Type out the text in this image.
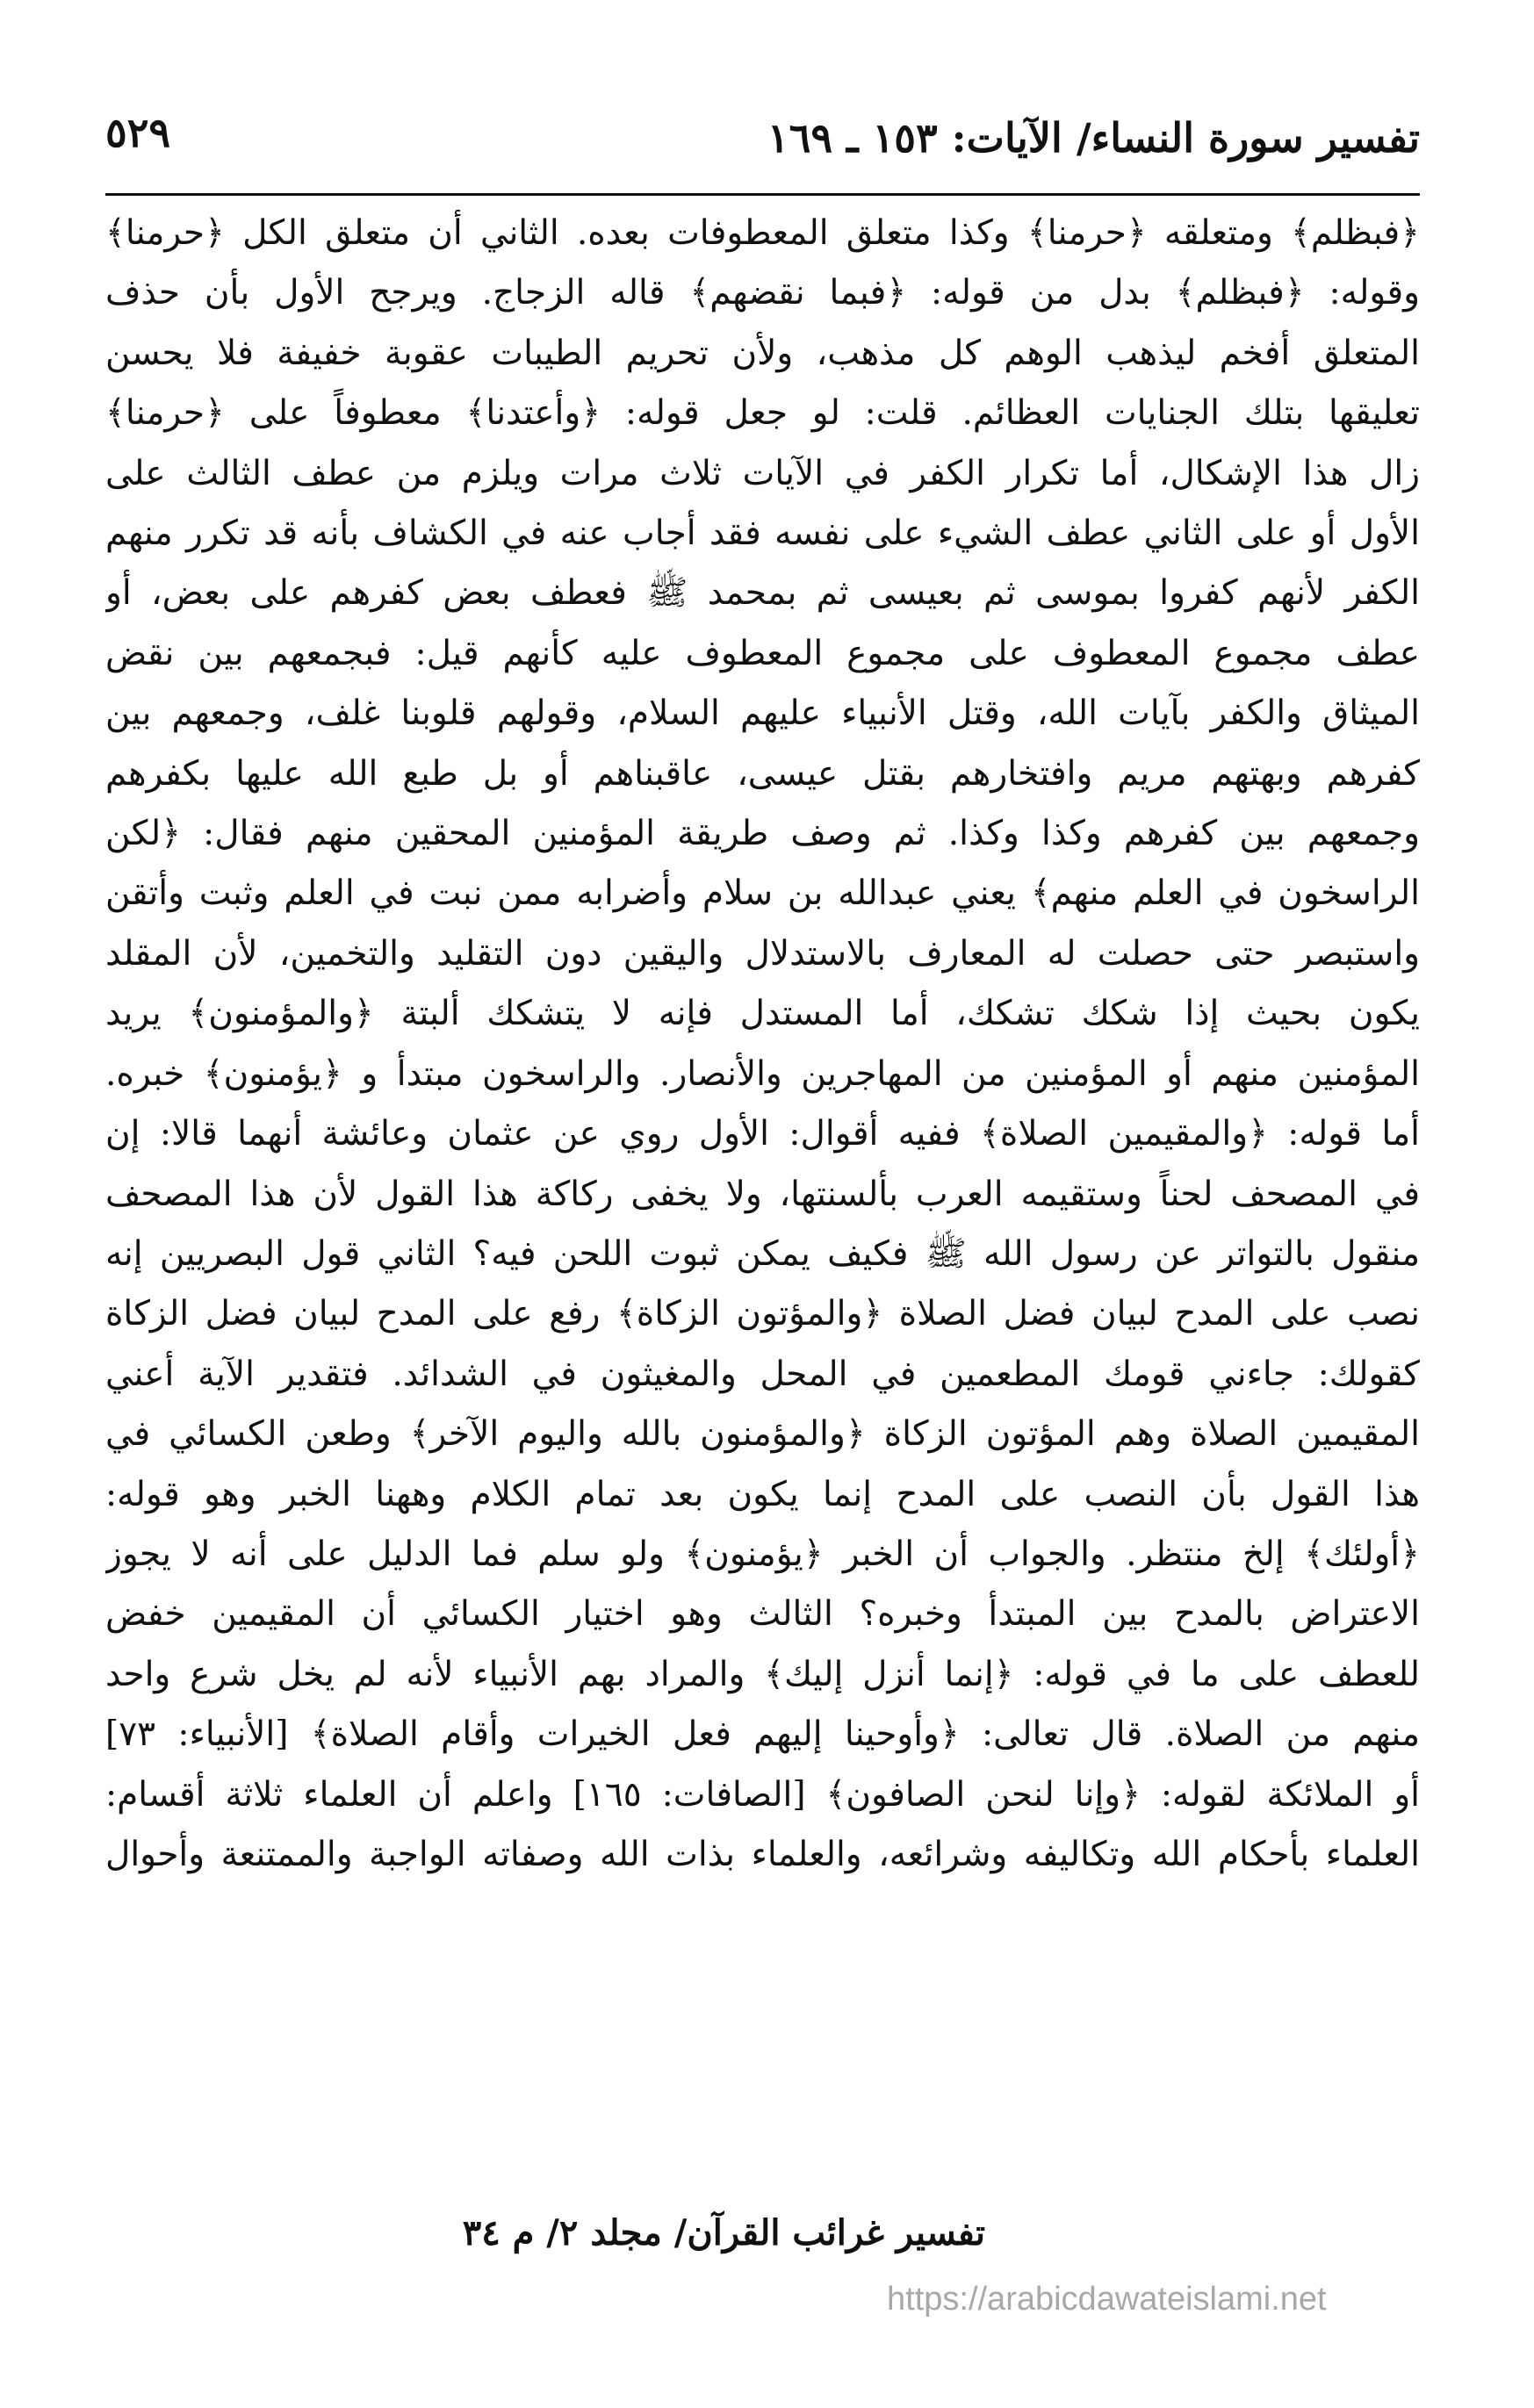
تفسير سورة النساء/ الآيات: ١٥٣ ـ ١٦٩
٥٢٩
﴿فبظلم﴾ ومتعلقه ﴿حرمنا﴾ وكذا متعلق المعطوفات بعده. الثاني أن متعلق الكل ﴿حرمنا﴾
وقوله: ﴿فبظلم﴾ بدل من قوله: ﴿فبما نقضهم﴾ قاله الزجاج. ويرجح الأول بأن حذف
المتعلق أفخم ليذهب الوهم كل مذهب، ولأن تحريم الطيبات عقوبة خفيفة فلا يحسن
تعليقها بتلك الجنايات العظائم. قلت: لو جعل قوله: ﴿وأعتدنا﴾ معطوفاً على ﴿حرمنا﴾
زال هذا الإشكال، أما تكرار الكفر في الآيات ثلاث مرات ويلزم من عطف الثالث على
الأول أو على الثاني عطف الشيء على نفسه فقد أجاب عنه في الكشاف بأنه قد تكرر منهم
الكفر لأنهم كفروا بموسى ثم بعيسى ثم بمحمد ﷺ فعطف بعض كفرهم على بعض، أو
عطف مجموع المعطوف على مجموع المعطوف عليه كأنهم قيل: فبجمعهم بين نقض
الميثاق والكفر بآيات الله، وقتل الأنبياء عليهم السلام، وقولهم قلوبنا غلف، وجمعهم بين
كفرهم وبهتهم مريم وافتخارهم بقتل عيسى، عاقبناهم أو بل طبع الله عليها بكفرهم
وجمعهم بين كفرهم وكذا وكذا. ثم وصف طريقة المؤمنين المحقين منهم فقال: ﴿لكن
الراسخون في العلم منهم﴾ يعني عبدالله بن سلام وأضرابه ممن نبت في العلم وثبت وأتقن
واستبصر حتى حصلت له المعارف بالاستدلال واليقين دون التقليد والتخمين، لأن المقلد
يكون بحيث إذا شكك تشكك، أما المستدل فإنه لا يتشكك ألبتة ﴿والمؤمنون﴾ يريد
المؤمنين منهم أو المؤمنين من المهاجرين والأنصار. والراسخون مبتدأ و ﴿يؤمنون﴾ خبره.
أما قوله: ﴿والمقيمين الصلاة﴾ ففيه أقوال: الأول روي عن عثمان وعائشة أنهما قالا: إن
في المصحف لحناً وستقيمه العرب بألسنتها، ولا يخفى ركاكة هذا القول لأن هذا المصحف
منقول بالتواتر عن رسول الله ﷺ فكيف يمكن ثبوت اللحن فيه؟ الثاني قول البصريين إنه
نصب على المدح لبيان فضل الصلاة ﴿والمؤتون الزكاة﴾ رفع على المدح لبيان فضل الزكاة
كقولك: جاءني قومك المطعمين في المحل والمغيثون في الشدائد. فتقدير الآية أعني
المقيمين الصلاة وهم المؤتون الزكاة ﴿والمؤمنون بالله واليوم الآخر﴾ وطعن الكسائي في
هذا القول بأن النصب على المدح إنما يكون بعد تمام الكلام وههنا الخبر وهو قوله:
﴿أولئك﴾ إلخ منتظر. والجواب أن الخبر ﴿يؤمنون﴾ ولو سلم فما الدليل على أنه لا يجوز
الاعتراض بالمدح بين المبتدأ وخبره؟ الثالث وهو اختيار الكسائي أن المقيمين خفض
للعطف على ما في قوله: ﴿إنما أنزل إليك﴾ والمراد بهم الأنبياء لأنه لم يخل شرع واحد
منهم من الصلاة. قال تعالى: ﴿وأوحينا إليهم فعل الخيرات وأقام الصلاة﴾ [الأنبياء: ٧٣]
أو الملائكة لقوله: ﴿وإنا لنحن الصافون﴾ [الصافات: ١٦٥] واعلم أن العلماء ثلاثة أقسام:
العلماء بأحكام الله وتكاليفه وشرائعه، والعلماء بذات الله وصفاته الواجبة والممتنعة وأحوال
تفسير غرائب القرآن/ مجلد ٢/ م ٣٤
https://arabicdawateislami.net
